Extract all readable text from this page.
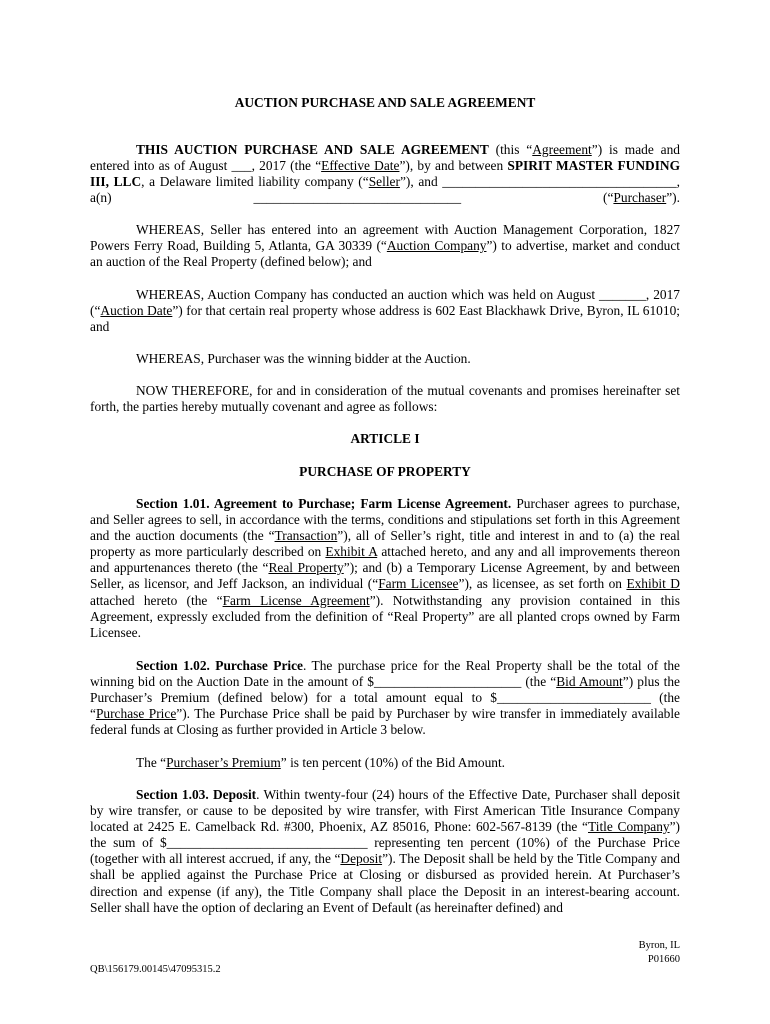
AUCTION PURCHASE AND SALE AGREEMENT
THIS AUCTION PURCHASE AND SALE AGREEMENT (this “Agreement”) is made and entered into as of August ___, 2017 (the “Effective Date”), by and between SPIRIT MASTER FUNDING III, LLC, a Delaware limited liability company (“Seller”), and ___________________________________, a(n) _______________________________ (“Purchaser”).
WHEREAS, Seller has entered into an agreement with Auction Management Corporation, 1827 Powers Ferry Road, Building 5, Atlanta, GA 30339 (“Auction Company”) to advertise, market and conduct an auction of the Real Property (defined below); and
WHEREAS, Auction Company has conducted an auction which was held on August _______, 2017 (“Auction Date”) for that certain real property whose address is 602 East Blackhawk Drive, Byron, IL 61010; and
WHEREAS, Purchaser was the winning bidder at the Auction.
NOW THEREFORE, for and in consideration of the mutual covenants and promises hereinafter set forth, the parties hereby mutually covenant and agree as follows:
ARTICLE I
PURCHASE OF PROPERTY
Section 1.01. Agreement to Purchase; Farm License Agreement. Purchaser agrees to purchase, and Seller agrees to sell, in accordance with the terms, conditions and stipulations set forth in this Agreement and the auction documents (the “Transaction”), all of Seller’s right, title and interest in and to (a) the real property as more particularly described on Exhibit A attached hereto, and any and all improvements thereon and appurtenances thereto (the “Real Property”); and (b) a Temporary License Agreement, by and between Seller, as licensor, and Jeff Jackson, an individual (“Farm Licensee”), as licensee, as set forth on Exhibit D attached hereto (the “Farm License Agreement”). Notwithstanding any provision contained in this Agreement, expressly excluded from the definition of “Real Property” are all planted crops owned by Farm Licensee.
Section 1.02. Purchase Price. The purchase price for the Real Property shall be the total of the winning bid on the Auction Date in the amount of $______________________ (the “Bid Amount”) plus the Purchaser’s Premium (defined below) for a total amount equal to $_______________________ (the “Purchase Price”). The Purchase Price shall be paid by Purchaser by wire transfer in immediately available federal funds at Closing as further provided in Article 3 below.
The “Purchaser’s Premium” is ten percent (10%) of the Bid Amount.
Section 1.03. Deposit. Within twenty-four (24) hours of the Effective Date, Purchaser shall deposit by wire transfer, or cause to be deposited by wire transfer, with First American Title Insurance Company located at 2425 E. Camelback Rd. #300, Phoenix, AZ 85016, Phone: 602-567-8139 (the “Title Company”) the sum of $______________________________ representing ten percent (10%) of the Purchase Price (together with all interest accrued, if any, the “Deposit”). The Deposit shall be held by the Title Company and shall be applied against the Purchase Price at Closing or disbursed as provided herein. At Purchaser’s direction and expense (if any), the Title Company shall place the Deposit in an interest-bearing account. Seller shall have the option of declaring an Event of Default (as hereinafter defined) and
Byron, IL
P01660
QB\156179.00145\47095315.2
